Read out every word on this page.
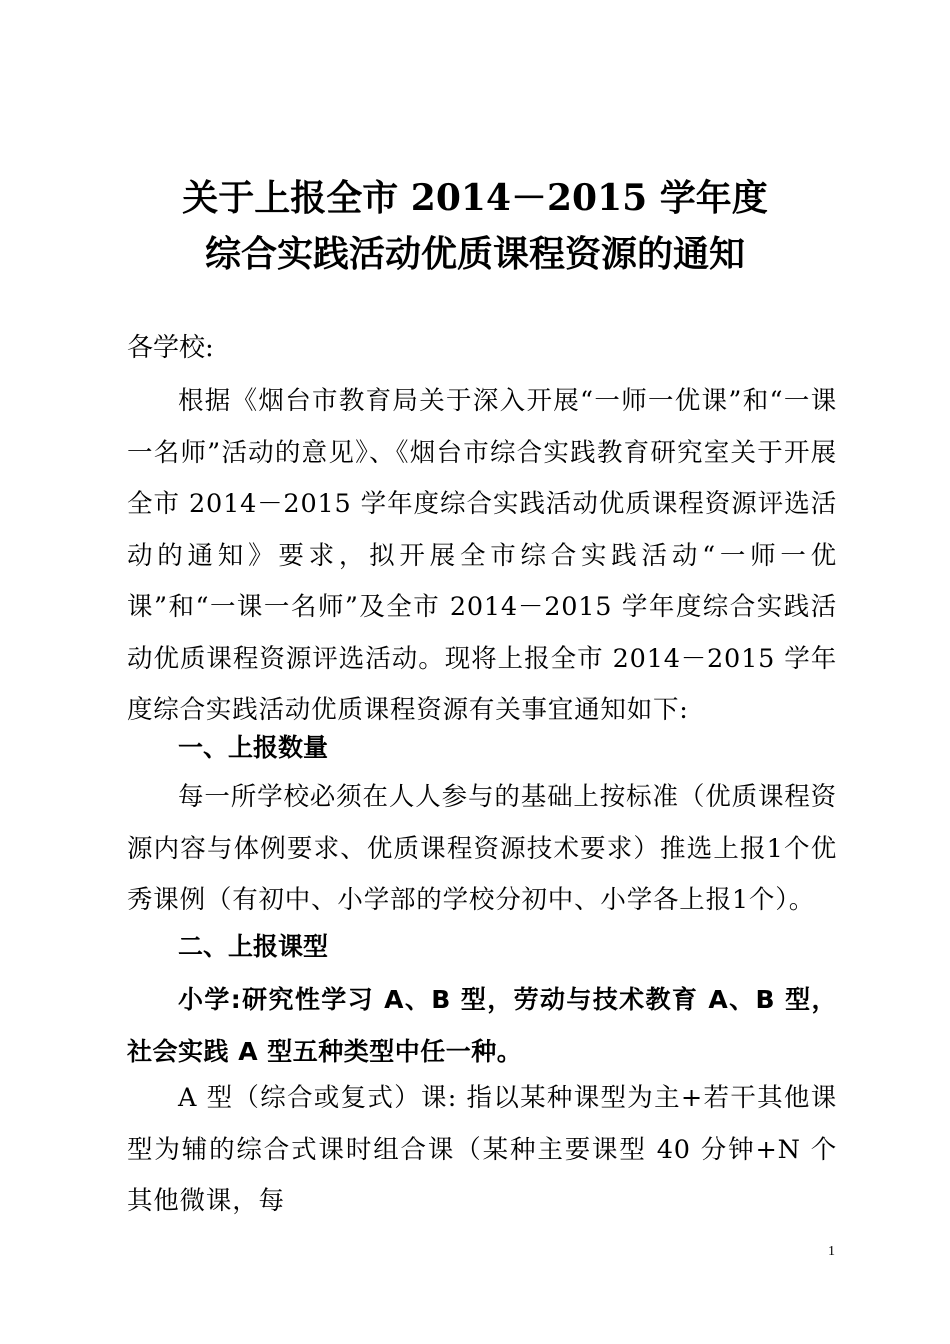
关于上报全市 2014－2015 学年度
综合实践活动优质课程资源的通知

各学校:

根据《烟台市教育局关于深入开展“一师一优课”和“一课一名师”活动的意见》、《烟台市综合实践教育研究室关于开展全市 2014－2015 学年度综合实践活动优质课程资源评选活动的通知》要求，拟开展全市综合实践活动“一师一优课”和“一课一名师”及全市 2014－2015 学年度综合实践活动优质课程资源评选活动。现将上报全市 2014－2015 学年度综合实践活动优质课程资源有关事宜通知如下:

一、上报数量

每一所学校必须在人人参与的基础上按标准（优质课程资源内容与体例要求、优质课程资源技术要求）推选上报1个优秀课例（有初中、小学部的学校分初中、小学各上报1个）。

二、上报课型

小学:研究性学习 A、B 型，劳动与技术教育 A、B 型，社会实践 A 型五种类型中任一种。

A 型（综合或复式）课: 指以某种课型为主+若干其他课型为辅的综合式课时组合课（某种主要课型 40 分钟+N 个其他微课，每

1
